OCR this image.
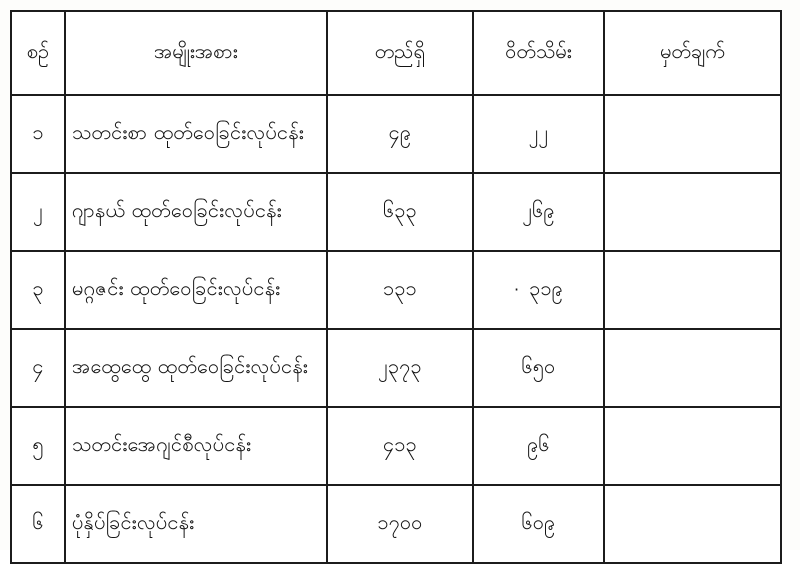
စဉ်	အမျိုးအစား	တည်ရှိ	ဝိတ်သိမ်း	မှတ်ချက်
၁	သတင်းစာ ထုတ်ဝေခြင်းလုပ်ငန်း	၄၉	၂၂	
၂	ဂျာနယ် ထုတ်ဝေခြင်းလုပ်ငန်း	၆၃၃	၂၆၉	
၃	မဂ္ဂဇင်း ထုတ်ဝေခြင်းလုပ်ငန်း	၁၃၁	· ၃၁၉	
၄	အထွေထွေ ထုတ်ဝေခြင်းလုပ်ငန်း	၂၃၇၃	၆၅၀	
၅	သတင်းအေဂျင်စီလုပ်ငန်း	၄၁၃	၉၆	
၆	ပုံနှိပ်ခြင်းလုပ်ငန်း	၁၇၀၀	၆၀၉	
